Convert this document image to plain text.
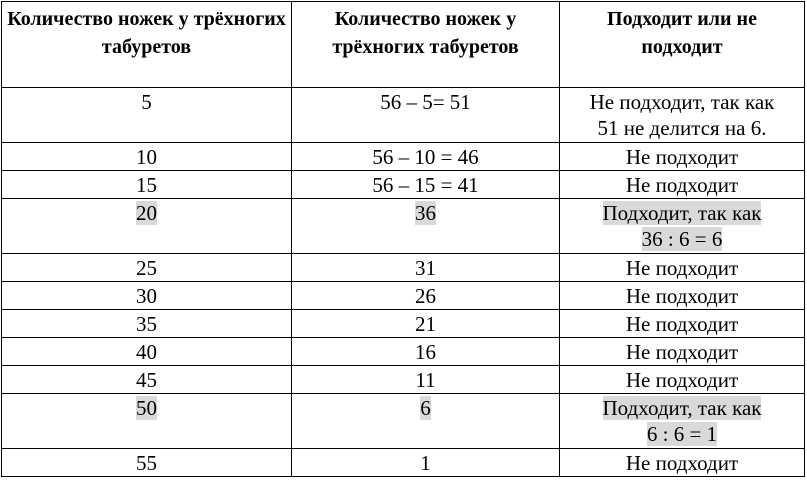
Количество ножек у трёхногих табуретов	Количество ножек у трёхногих табуретов	Подходит или не подходит
5	56 – 5= 51	Не подходит, так как
51 не делится на 6.
10	56 – 10 = 46	Не подходит
15	56 – 15 = 41	Не подходит
20	36	Подходит, так как
36 : 6 = 6
25	31	Не подходит
30	26	Не подходит
35	21	Не подходит
40	16	Не подходит
45	11	Не подходит
50	6	Подходит, так как
6 : 6 = 1
55	1	Не подходит
